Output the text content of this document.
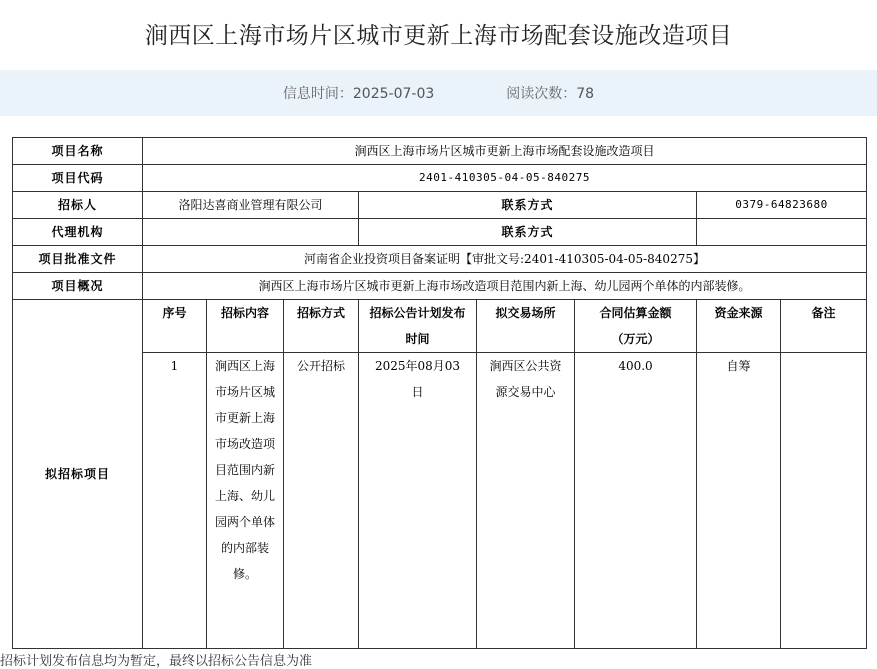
涧西区上海市场片区城市更新上海市场配套设施改造项目
信息时间：2025-07-03	阅读次数：78
项目名称	涧西区上海市场片区城市更新上海市场配套设施改造项目							
项目代码	2401-410305-04-05-840275							
招标人	洛阳达喜商业管理有限公司			联系方式			0379-64823680	
代理机构				联系方式				
项目批准文件	河南省企业投资项目备案证明【审批文号:2401-410305-04-05-840275】							
项目概况	涧西区上海市场片区城市更新上海市场改造项目范围内新上海、幼儿园两个单体的内部装修。							
拟招标项目	序号	招标内容	招标方式	招标公告计划发布时间	拟交易场所	合同估算金额（万元）	资金来源	备注
	1	涧西区上海市场片区城市更新上海市场改造项目范围内新上海、幼儿园两个单体的内部装修。	公开招标	2025年08月03日	涧西区公共资源交易中心	400.0	自筹	
招标计划发布信息均为暂定，最终以招标公告信息为准
